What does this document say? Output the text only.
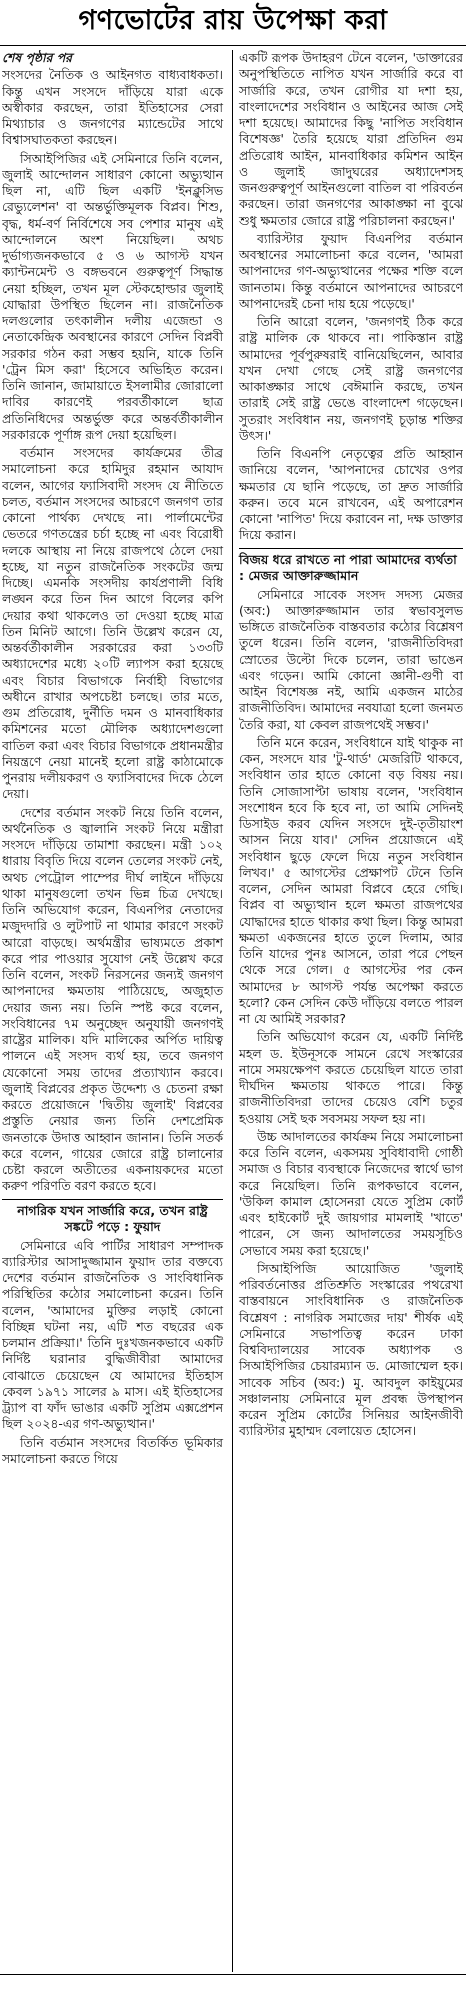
গণভোটের রায় উপেক্ষা করা
শেষ পৃষ্ঠার পর

সংসদের নৈতিক ও আইনগত বাধ্যবাধকতা। কিন্তু এখন সংসদে দাঁড়িয়ে যারা একে অস্বীকার করছেন, তারা ইতিহাসের সেরা মিথ্যাচার ও জনগণের ম্যান্ডেটের সাথে বিশ্বাসঘাতকতা করছেন।

সিআইপিজির এই সেমিনারে তিনি বলেন, জুলাই আন্দোলন সাধারণ কোনো অভ্যুত্থান ছিল না, এটি ছিল একটি 'ইনক্লুসিভ রেভ্যুলেশন' বা অন্তর্ভুক্তিমূলক বিপ্লব। শিশু, বৃদ্ধ, ধর্ম-বর্ণ নির্বিশেষে সব পেশার মানুষ এই আন্দোলনে অংশ নিয়েছিল। অথচ দুর্ভাগ্যজনকভাবে ৫ ও ৬ আগস্ট যখন ক্যান্টনমেন্ট ও বঙ্গভবনে গুরুত্বপূর্ণ সিদ্ধান্ত নেয়া হচ্ছিল, তখন মূল স্টেকহোল্ডার জুলাই যোদ্ধারা উপস্থিত ছিলেন না। রাজনৈতিক দলগুলোর তৎকালীন দলীয় এজেন্ডা ও নেতাকেন্দ্রিক অবস্থানের কারণে সেদিন বিপ্লবী সরকার গঠন করা সম্ভব হয়নি, যাকে তিনি 'ট্রেন মিস করা' হিসেবে অভিহিত করেন। তিনি জানান, জামায়াতে ইসলামীর জোরালো দাবির কারণেই পরবর্তীকালে ছাত্র প্রতিনিধিদের অন্তর্ভুক্ত করে অন্তর্বর্তীকালীন সরকারকে পূর্ণাঙ্গ রূপ দেয়া হয়েছিল।

বর্তমান সংসদের কার্যক্রমের তীব্র সমালোচনা করে হামিদুর রহমান আযাদ বলেন, আগের ফ্যাসিবাদী সংসদ যে নীতিতে চলত, বর্তমান সংসদের আচরণে জনগণ তার কোনো পার্থক্য দেখছে না। পার্লামেন্টের ভেতরে গণতন্ত্রের চর্চা হচ্ছে না এবং বিরোধী দলকে আস্থায় না নিয়ে রাজপথে ঠেলে দেয়া হচ্ছে, যা নতুন রাজনৈতিক সংকটের জন্ম দিচ্ছে। এমনকি সংসদীয় কার্যপ্রণালী বিধি লঙ্ঘন করে তিন দিন আগে বিলের কপি দেয়ার কথা থাকলেও তা দেওয়া হচ্ছে মাত্র তিন মিনিট আগে। তিনি উল্লেখ করেন যে, অন্তর্বর্তীকালীন সরকারের করা ১৩৩টি অধ্যাদেশের মধ্যে ২০টি ল্যাপস করা হয়েছে এবং বিচার বিভাগকে নির্বাহী বিভাগের অধীনে রাখার অপচেষ্টা চলছে। তার মতে, গুম প্রতিরোধ, দুর্নীতি দমন ও মানবাধিকার কমিশনের মতো মৌলিক অধ্যাদেশগুলো বাতিল করা এবং বিচার বিভাগকে প্রধানমন্ত্রীর নিয়ন্ত্রণে নেয়া মানেই হলো রাষ্ট্র কাঠামোকে পুনরায় দলীয়করণ ও ফ্যাসিবাদের দিকে ঠেলে দেয়া।

দেশের বর্তমান সংকট নিয়ে তিনি বলেন, অর্থনৈতিক ও জ্বালানি সংকট নিয়ে মন্ত্রীরা সংসদে দাঁড়িয়ে তামাশা করছেন। মন্ত্রী ১০২ ধারায় বিবৃতি দিয়ে বলেন তেলের সংকট নেই, অথচ পেট্রোল পাম্পের দীর্ঘ লাইনে দাঁড়িয়ে থাকা মানুষগুলো তখন ভিন্ন চিত্র দেখছে। তিনি অভিযোগ করেন, বিএনপির নেতাদের মজুদদারি ও লুটপাট না থামার কারণে সংকট আরো বাড়ছে। অর্থমন্ত্রীর ভাষ্যমতে প্রকাশ করে পার পাওয়ার সুযোগ নেই উল্লেখ করে তিনি বলেন, সংকট নিরসনের জন্যই জনগণ আপনাদের ক্ষমতায় পাঠিয়েছে, অজুহাত দেয়ার জন্য নয়। তিনি স্পষ্ট করে বলেন, সংবিধানের ৭ম অনুচ্ছেদ অনুযায়ী জনগণই রাষ্ট্রের মালিক। যদি মালিকের অর্পিত দায়িত্ব পালনে এই সংসদ ব্যর্থ হয়, তবে জনগণ যেকোনো সময় তাদের প্রত্যাখ্যান করবে। জুলাই বিপ্লবের প্রকৃত উদ্দেশ্য ও চেতনা রক্ষা করতে প্রয়োজনে 'দ্বিতীয় জুলাই' বিপ্লবের প্রস্তুতি নেয়ার জন্য তিনি দেশপ্রেমিক জনতাকে উদাত্ত আহ্বান জানান। তিনি সতর্ক করে বলেন, গায়ের জোরে রাষ্ট্র চালানোর চেষ্টা করলে অতীতের একনায়কদের মতো করুণ পরিণতি বরণ করতে হবে।

নাগরিক যখন সার্জারি করে, তখন রাষ্ট্র সঙ্কটে পড়ে : ফুয়াদ

সেমিনারে এবি পার্টির সাধারণ সম্পাদক ব্যারিস্টার আসাদুজ্জামান ফুয়াদ তার বক্তব্যে দেশের বর্তমান রাজনৈতিক ও সাংবিধানিক পরিস্থিতির কঠোর সমালোচনা করেন। তিনি বলেন, 'আমাদের মুক্তির লড়াই কোনো বিচ্ছিন্ন ঘটনা নয়, এটি শত বছরের এক চলমান প্রক্রিয়া।' তিনি দুঃখজনকভাবে একটি নির্দিষ্ট ঘরানার বুদ্ধিজীবীরা আমাদের বোঝাতে চেয়েছেন যে আমাদের ইতিহাস কেবল ১৯৭১ সালের ৯ মাস। এই ইতিহাসের ট্র্যাপ বা ফাঁদ ভাঙার একটি সুপ্রিম এক্সপ্রেশন ছিল ২০২৪-এর গণ-অভ্যুত্থান।'

তিনি বর্তমান সংসদের বিতর্কিত ভূমিকার সমালোচনা করতে গিয়ে

একটি রূপক উদাহরণ টেনে বলেন, 'ডাক্তারের অনুপস্থিতিতে নাপিত যখন সার্জারি করে বা সার্জারি করে, তখন রোগীর যা দশা হয়, বাংলাদেশের সংবিধান ও আইনের আজ সেই দশা হয়েছে। আমাদের কিছু 'নাপিত সংবিধান বিশেষজ্ঞ' তৈরি হয়েছে যারা প্রতিদিন গুম প্রতিরোধ আইন, মানবাধিকার কমিশন আইন ও জুলাই জাদুঘরের অধ্যাদেশসহ জনগুরুত্বপূর্ণ আইনগুলো বাতিল বা পরিবর্তন করছেন। তারা জনগণের আকাঙ্ক্ষা না বুঝে শুধু ক্ষমতার জোরে রাষ্ট্র পরিচালনা করছেন।'

ব্যারিস্টার ফুয়াদ বিএনপির বর্তমান অবস্থানের সমালোচনা করে বলেন, 'আমরা আপনাদের গণ-অভ্যুত্থানের পক্ষের শক্তি বলে জানতাম। কিন্তু বর্তমানে আপনাদের আচরণে আপনাদেরই চেনা দায় হয়ে পড়েছে।'

তিনি আরো বলেন, 'জনগণই ঠিক করে রাষ্ট্র মালিক কে থাকবে না। পাকিস্তান রাষ্ট্র আমাদের পূর্বপুরুষরাই বানিয়েছিলেন, আবার যখন দেখা গেছে সেই রাষ্ট্র জনগণের আকাঙ্ক্ষার সাথে বেঈমানি করছে, তখন তারাই সেই রাষ্ট্র ভেঙে বাংলাদেশ গড়েছেন। সুতরাং সংবিধান নয়, জনগণই চূড়ান্ত শক্তির উৎস।'

তিনি বিএনপি নেতৃত্বের প্রতি আহ্বান জানিয়ে বলেন, 'আপনাদের চোখের ওপর ক্ষমতার যে ছানি পড়েছে, তা দ্রুত সার্জারি করুন। তবে মনে রাখবেন, এই অপারেশন কোনো 'নাপিত' দিয়ে করাবেন না, দক্ষ ডাক্তার দিয়ে করান।

বিজয় ধরে রাখতে না পারা আমাদের ব্যর্থতা : মেজর আক্তারুজ্জামান

সেমিনারে সাবেক সংসদ সদস্য মেজর (অব:) আক্তারুজ্জামান তার স্বভাবসুলভ ভঙ্গিতে রাজনৈতিক বাস্তবতার কঠোর বিশ্লেষণ তুলে ধরেন। তিনি বলেন, 'রাজনীতিবিদরা স্রোতের উল্টো দিকে চলেন, তারা ভাঙেন এবং গড়েন। আমি কোনো জ্ঞানী-গুণী বা আইন বিশেষজ্ঞ নই, আমি একজন মাঠের রাজনীতিবিদ। আমাদের নবযাত্রা হলো জনমত তৈরি করা, যা কেবল রাজপথেই সম্ভব।'

তিনি মনে করেন, সংবিধানে যাই থাকুক না কেন, সংসদে যার 'টু-থার্ড' মেজরিটি থাকবে, সংবিধান তার হাতে কোনো বড় বিষয় নয়। তিনি সোজাসাপ্টা ভাষায় বলেন, 'সংবিধান সংশোধন হবে কি হবে না, তা আমি সেদিনই ডিসাইড করব যেদিন সংসদে দুই-তৃতীয়াংশ আসন নিয়ে যাব।' সেদিন প্রয়োজনে এই সংবিধান ছুড়ে ফেলে দিয়ে নতুন সংবিধান লিখব।' ৫ আগস্টের প্রেক্ষাপট টেনে তিনি বলেন, সেদিন আমরা বিপ্লবে হেরে গেছি। বিপ্লব বা অভ্যুত্থান হলে ক্ষমতা রাজপথের যোদ্ধাদের হাতে থাকার কথা ছিল। কিন্তু আমরা ক্ষমতা একজনের হাতে তুলে দিলাম, আর তিনি যাদের পুনঃ আসনে, তারা পরে পেছন থেকে সরে গেল। ৫ আগস্টের পর কেন আমাদের ৮ আগস্ট পর্যন্ত অপেক্ষা করতে হলো? কেন সেদিন কেউ দাঁড়িয়ে বলতে পারল না যে আমিই সরকার?

তিনি অভিযোগ করেন যে, একটি নির্দিষ্ট মহল ড. ইউনূসকে সামনে রেখে সংস্কারের নামে সময়ক্ষেপণ করতে চেয়েছিল যাতে তারা দীর্ঘদিন ক্ষমতায় থাকতে পারে। কিন্তু রাজনীতিবিদরা তাদের চেয়েও বেশি চতুর হওয়ায় সেই ছক সবসময় সফল হয় না।

উচ্চ আদালতের কার্যক্রম নিয়ে সমালোচনা করে তিনি বলেন, একসময় সুবিধাবাদী গোষ্ঠী সমাজ ও বিচার ব্যবস্থাকে নিজেদের স্বার্থে ভাগ করে নিয়েছিল। তিনি রূপকভাবে বলেন, 'উকিল কামাল হোসেনরা যেতে সুপ্রিম কোর্ট এবং হাইকোর্ট দুই জায়গার মামলাই 'খাতে' পারেন, সে জন্য আদালতের সময়সূচিও সেভাবে সময় করা হয়েছে।'

সিআইপিজি আয়োজিত 'জুলাই পরিবর্তনোত্তর প্রতিশ্রুতি সংস্কারের পথরেখা বাস্তবায়নে সাংবিধানিক ও রাজনৈতিক বিশ্লেষণ : নাগরিক সমাজের দায়' শীর্ষক এই সেমিনারে সভাপতিত্ব করেন ঢাকা বিশ্ববিদ্যালয়ের সাবেক অধ্যাপক ও সিআইপিজির চেয়ারম্যান ড. মোজাম্মেল হক। সাবেক সচিব (অব:) মু. আবদুল কাইয়ুমের সঞ্চালনায় সেমিনারে মূল প্রবন্ধ উপস্থাপন করেন সুপ্রিম কোর্টের সিনিয়র আইনজীবী ব্যারিস্টার মুহাম্মদ বেলায়েত হোসেন।
